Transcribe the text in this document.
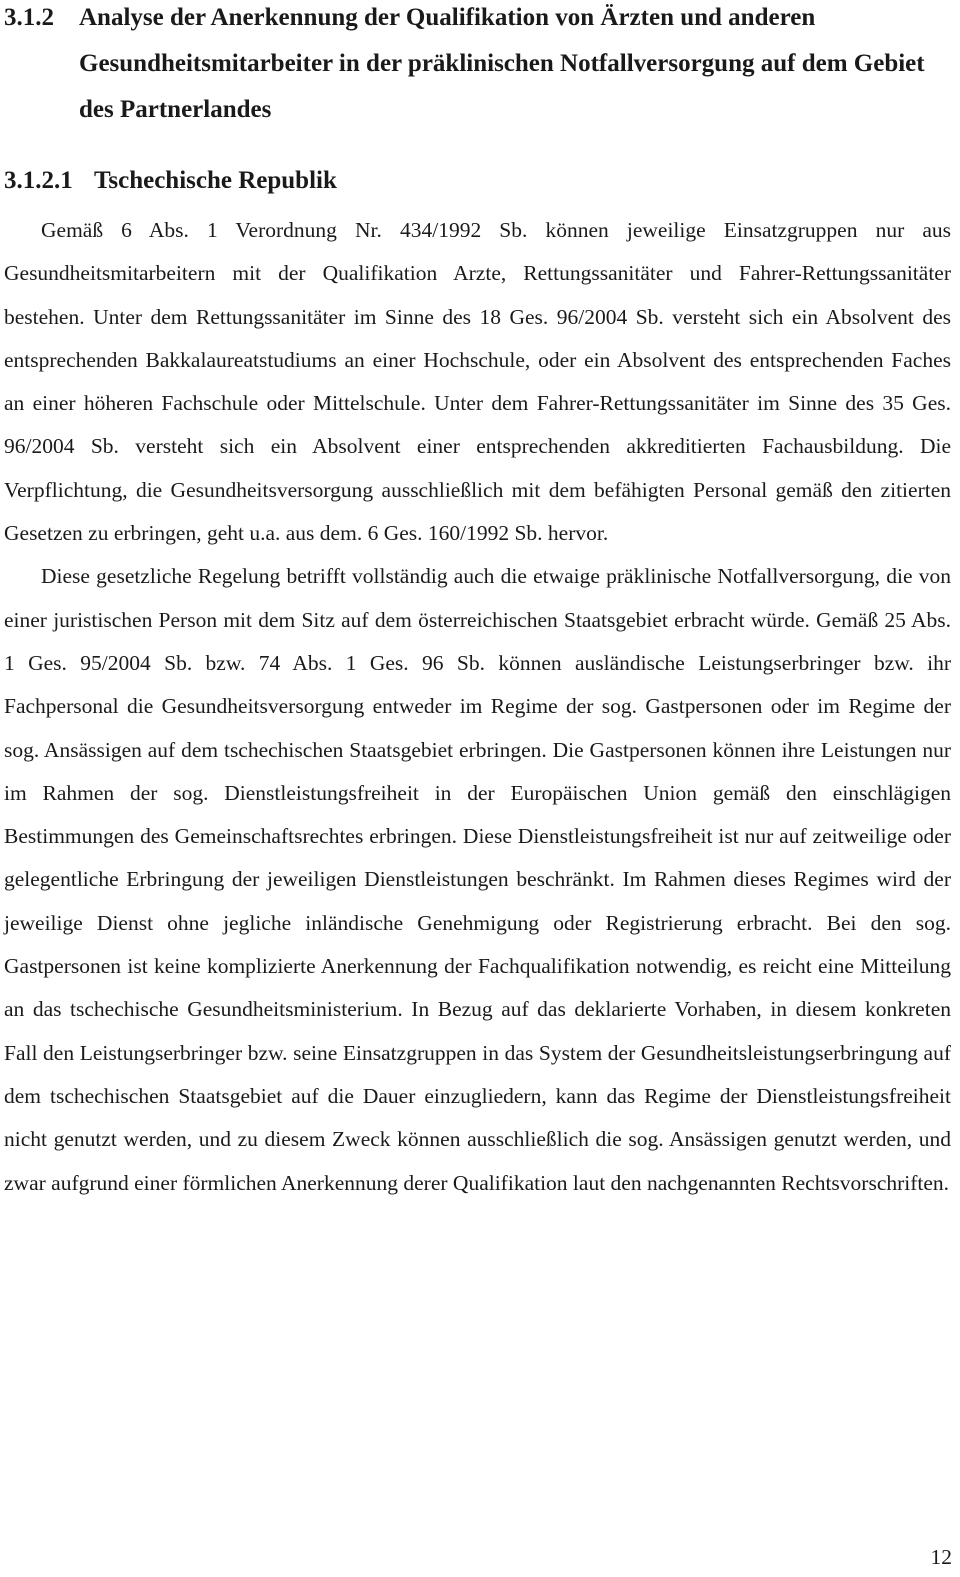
3.1.2	Analyse der Anerkennung der Qualifikation von Ärzten und anderen Gesundheitsmitarbeiter in der präklinischen Notfallversorgung auf dem Gebiet des Partnerlandes
3.1.2.1 Tschechische Republik

Gemäß 6 Abs. 1 Verordnung Nr. 434/1992 Sb. können jeweilige Einsatzgruppen nur aus Gesundheitsmitarbeitern mit der Qualifikation Arzte, Rettungssanitäter und Fahrer-Rettungssanitäter bestehen. Unter dem Rettungssanitäter im Sinne des 18 Ges. 96/2004 Sb. versteht sich ein Absolvent des entsprechenden Bakkalaureatstudiums an einer Hochschule, oder ein Absolvent des entsprechenden Faches an einer höheren Fachschule oder Mittelschule. Unter dem Fahrer-Rettungssanitäter im Sinne des 35 Ges. 96/2004 Sb. versteht sich ein Absolvent einer entsprechenden akkreditierten Fachausbildung. Die Verpflichtung, die Gesundheitsversorgung ausschließlich mit dem befähigten Personal gemäß den zitierten Gesetzen zu erbringen, geht u.a. aus dem. 6 Ges. 160/1992 Sb. hervor.

Diese gesetzliche Regelung betrifft vollständig auch die etwaige präklinische Notfallversorgung, die von einer juristischen Person mit dem Sitz auf dem österreichischen Staatsgebiet erbracht würde. Gemäß 25 Abs. 1 Ges. 95/2004 Sb. bzw. 74 Abs. 1 Ges. 96 Sb. können ausländische Leistungserbringer bzw. ihr Fachpersonal die Gesundheitsversorgung entweder im Regime der sog. Gastpersonen oder im Regime der sog. Ansässigen auf dem tschechischen Staatsgebiet erbringen. Die Gastpersonen können ihre Leistungen nur im Rahmen der sog. Dienstleistungsfreiheit in der Europäischen Union gemäß den einschlägigen Bestimmungen des Gemeinschaftsrechtes erbringen. Diese Dienstleistungsfreiheit ist nur auf zeitweilige oder gelegentliche Erbringung der jeweiligen Dienstleistungen beschränkt. Im Rahmen dieses Regimes wird der jeweilige Dienst ohne jegliche inländische Genehmigung oder Registrierung erbracht. Bei den sog. Gastpersonen ist keine komplizierte Anerkennung der Fachqualifikation notwendig, es reicht eine Mitteilung an das tschechische Gesundheitsministerium. In Bezug auf das deklarierte Vorhaben, in diesem konkreten Fall den Leistungserbringer bzw. seine Einsatzgruppen in das System der Gesundheitsleistungserbringung auf dem tschechischen Staatsgebiet auf die Dauer einzugliedern, kann das Regime der Dienstleistungsfreiheit nicht genutzt werden, und zu diesem Zweck können ausschließlich die sog. Ansässigen genutzt werden, und zwar aufgrund einer förmlichen Anerkennung derer Qualifikation laut den nachgenannten Rechtsvorschriften.

12
